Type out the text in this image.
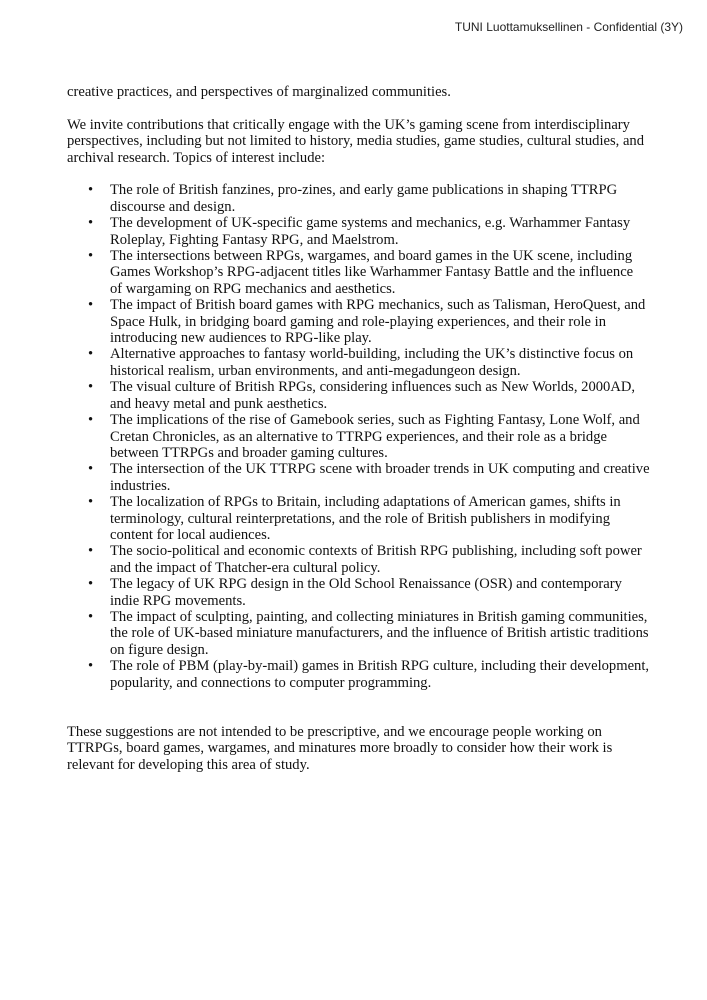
TUNI Luottamuksellinen - Confidential (3Y)

creative practices, and perspectives of marginalized communities.

We invite contributions that critically engage with the UK’s gaming scene from interdisciplinary
perspectives, including but not limited to history, media studies, game studies, cultural studies, and
archival research. Topics of interest include:

• The role of British fanzines, pro-zines, and early game publications in shaping TTRPG
discourse and design.
• The development of UK-specific game systems and mechanics, e.g. Warhammer Fantasy
Roleplay, Fighting Fantasy RPG, and Maelstrom.
• The intersections between RPGs, wargames, and board games in the UK scene, including
Games Workshop’s RPG-adjacent titles like Warhammer Fantasy Battle and the influence
of wargaming on RPG mechanics and aesthetics.
• The impact of British board games with RPG mechanics, such as Talisman, HeroQuest, and
Space Hulk, in bridging board gaming and role-playing experiences, and their role in
introducing new audiences to RPG-like play.
• Alternative approaches to fantasy world-building, including the UK’s distinctive focus on
historical realism, urban environments, and anti-megadungeon design.
• The visual culture of British RPGs, considering influences such as New Worlds, 2000AD,
and heavy metal and punk aesthetics.
• The implications of the rise of Gamebook series, such as Fighting Fantasy, Lone Wolf, and
Cretan Chronicles, as an alternative to TTRPG experiences, and their role as a bridge
between TTRPGs and broader gaming cultures.
• The intersection of the UK TTRPG scene with broader trends in UK computing and creative
industries.
• The localization of RPGs to Britain, including adaptations of American games, shifts in
terminology, cultural reinterpretations, and the role of British publishers in modifying
content for local audiences.
• The socio-political and economic contexts of British RPG publishing, including soft power
and the impact of Thatcher-era cultural policy.
• The legacy of UK RPG design in the Old School Renaissance (OSR) and contemporary
indie RPG movements.
• The impact of sculpting, painting, and collecting miniatures in British gaming communities,
the role of UK-based miniature manufacturers, and the influence of British artistic traditions
on figure design.
• The role of PBM (play-by-mail) games in British RPG culture, including their development,
popularity, and connections to computer programming.
These suggestions are not intended to be prescriptive, and we encourage people working on
TTRPGs, board games, wargames, and minatures more broadly to consider how their work is
relevant for developing this area of study.
